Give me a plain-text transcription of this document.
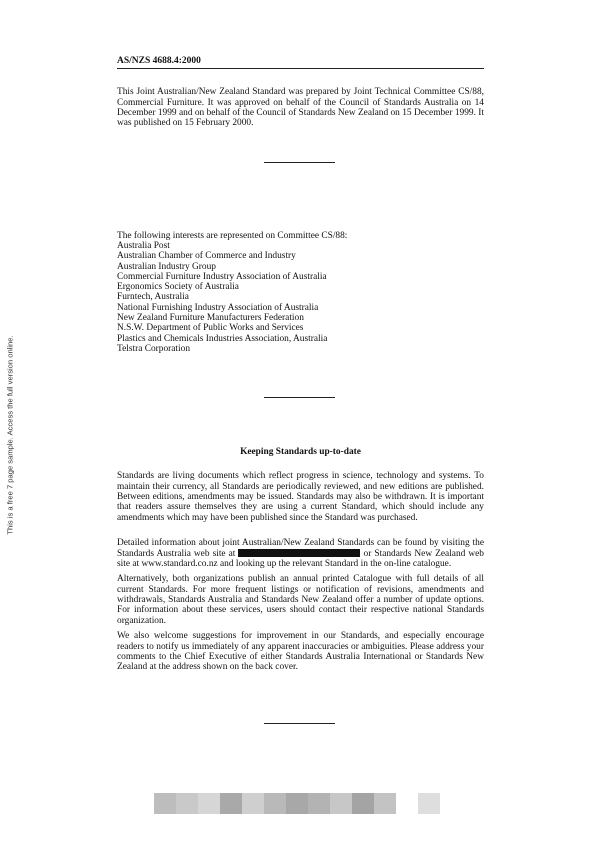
This is a free 7 page sample. Access the full version online.
AS/NZS 4688.4:2000

This Joint Australian/New Zealand Standard was prepared by Joint Technical Committee CS/88, Commercial Furniture. It was approved on behalf of the Council of Standards Australia on 14 December 1999 and on behalf of the Council of Standards New Zealand on 15 December 1999. It was published on 15 February 2000.

The following interests are represented on Committee CS/88:

Australia Post
Australian Chamber of Commerce and Industry
Australian Industry Group
Commercial Furniture Industry Association of Australia
Ergonomics Society of Australia
Furntech, Australia
National Furnishing Industry Association of Australia
New Zealand Furniture Manufacturers Federation
N.S.W. Department of Public Works and Services
Plastics and Chemicals Industries Association, Australia
Telstra Corporation
Keeping Standards up-to-date

Standards are living documents which reflect progress in science, technology and systems. To maintain their currency, all Standards are periodically reviewed, and new editions are published. Between editions, amendments may be issued. Standards may also be withdrawn. It is important that readers assure themselves they are using a current Standard, which should include any amendments which may have been published since the Standard was purchased.

Detailed information about joint Australian/New Zealand Standards can be found by visiting the Standards Australia web site at	or Standards New Zealand web site at www.standard.co.nz and looking up the relevant Standard in the on-line catalogue.

Alternatively, both organizations publish an annual printed Catalogue with full details of all current Standards. For more frequent listings or notification of revisions, amendments and withdrawals, Standards Australia and Standards New Zealand offer a number of update options. For information about these services, users should contact their respective national Standards organization.

We also welcome suggestions for improvement in our Standards, and especially encourage readers to notify us immediately of any apparent inaccuracies or ambiguities. Please address your comments to the Chief Executive of either Standards Australia International or Standards New Zealand at the address shown on the back cover.
